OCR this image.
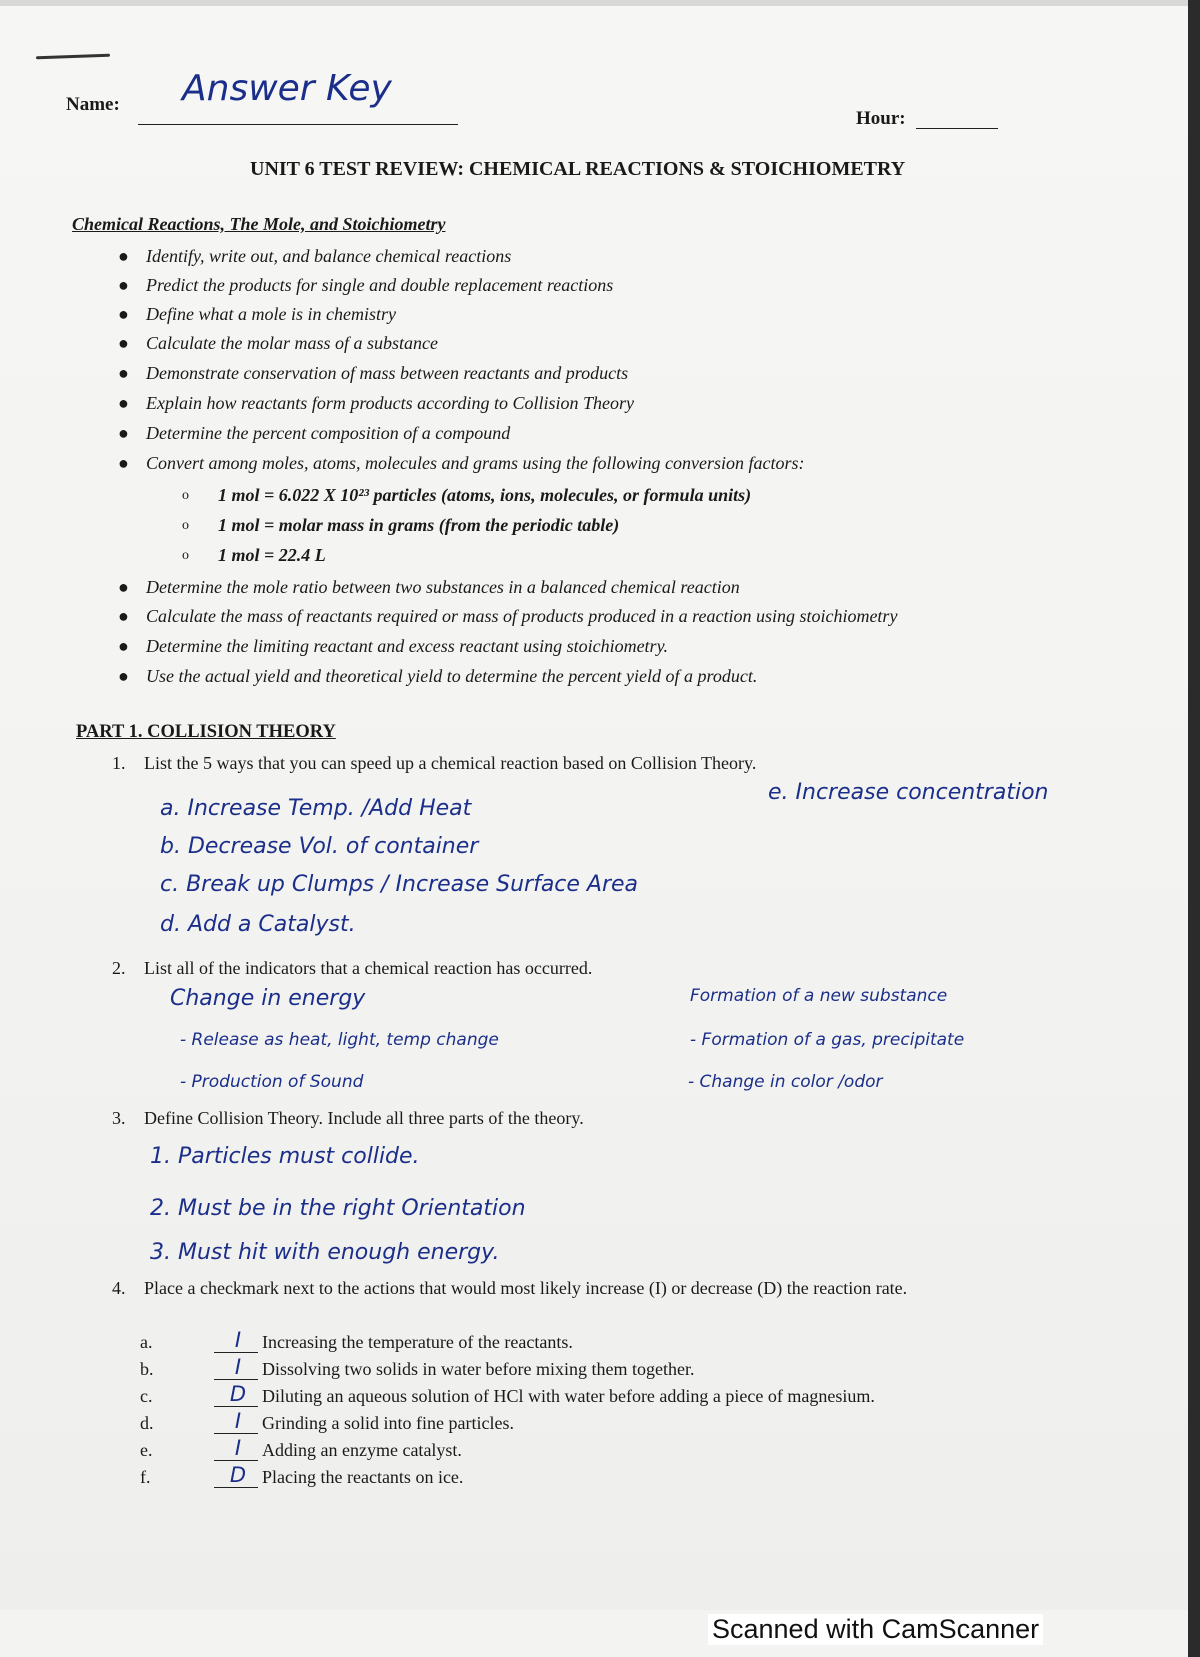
Name: Answer Key
Hour:
UNIT 6 TEST REVIEW: CHEMICAL REACTIONS & STOICHIOMETRY
Chemical Reactions, The Mole, and Stoichiometry
● Identify, write out, and balance chemical reactions
● Predict the products for single and double replacement reactions
● Define what a mole is in chemistry
● Calculate the molar mass of a substance
● Demonstrate conservation of mass between reactants and products
● Explain how reactants form products according to Collision Theory
● Determine the percent composition of a compound
● Convert among moles, atoms, molecules and grams using the following conversion factors:
o 1 mol = 6.022 X 10²³ particles (atoms, ions, molecules, or formula units)
o 1 mol = molar mass in grams (from the periodic table)
o 1 mol = 22.4 L
● Determine the mole ratio between two substances in a balanced chemical reaction
● Calculate the mass of reactants required or mass of products produced in a reaction using stoichiometry
● Determine the limiting reactant and excess reactant using stoichiometry.
● Use the actual yield and theoretical yield to determine the percent yield of a product.
PART 1. COLLISION THEORY
1. List the 5 ways that you can speed up a chemical reaction based on Collision Theory.
a. Increase Temp. /Add Heat
b. Decrease Vol. of container
c. Break up Clumps / Increase Surface Area
d. Add a Catalyst.
e. Increase concentration
2. List all of the indicators that a chemical reaction has occurred.
Change in energy
- Release as heat, light, temp change
- Production of Sound
Formation of a new substance
- Formation of a gas, precipitate
- Change in color /odor
3. Define Collision Theory. Include all three parts of the theory.
1. Particles must collide.
2. Must be in the right Orientation
3. Must hit with enough energy.
4. Place a checkmark next to the actions that would most likely increase (I) or decrease (D) the reaction rate.
a.	I	Increasing the temperature of the reactants.
b.	I	Dissolving two solids in water before mixing them together.
c.	D Diluting an aqueous solution of HCl with water before adding a piece of magnesium.
d.	I	Grinding a solid into fine particles.
e.	I	Adding an enzyme catalyst.
f.	D Placing the reactants on ice.
Scanned with CamScanner
